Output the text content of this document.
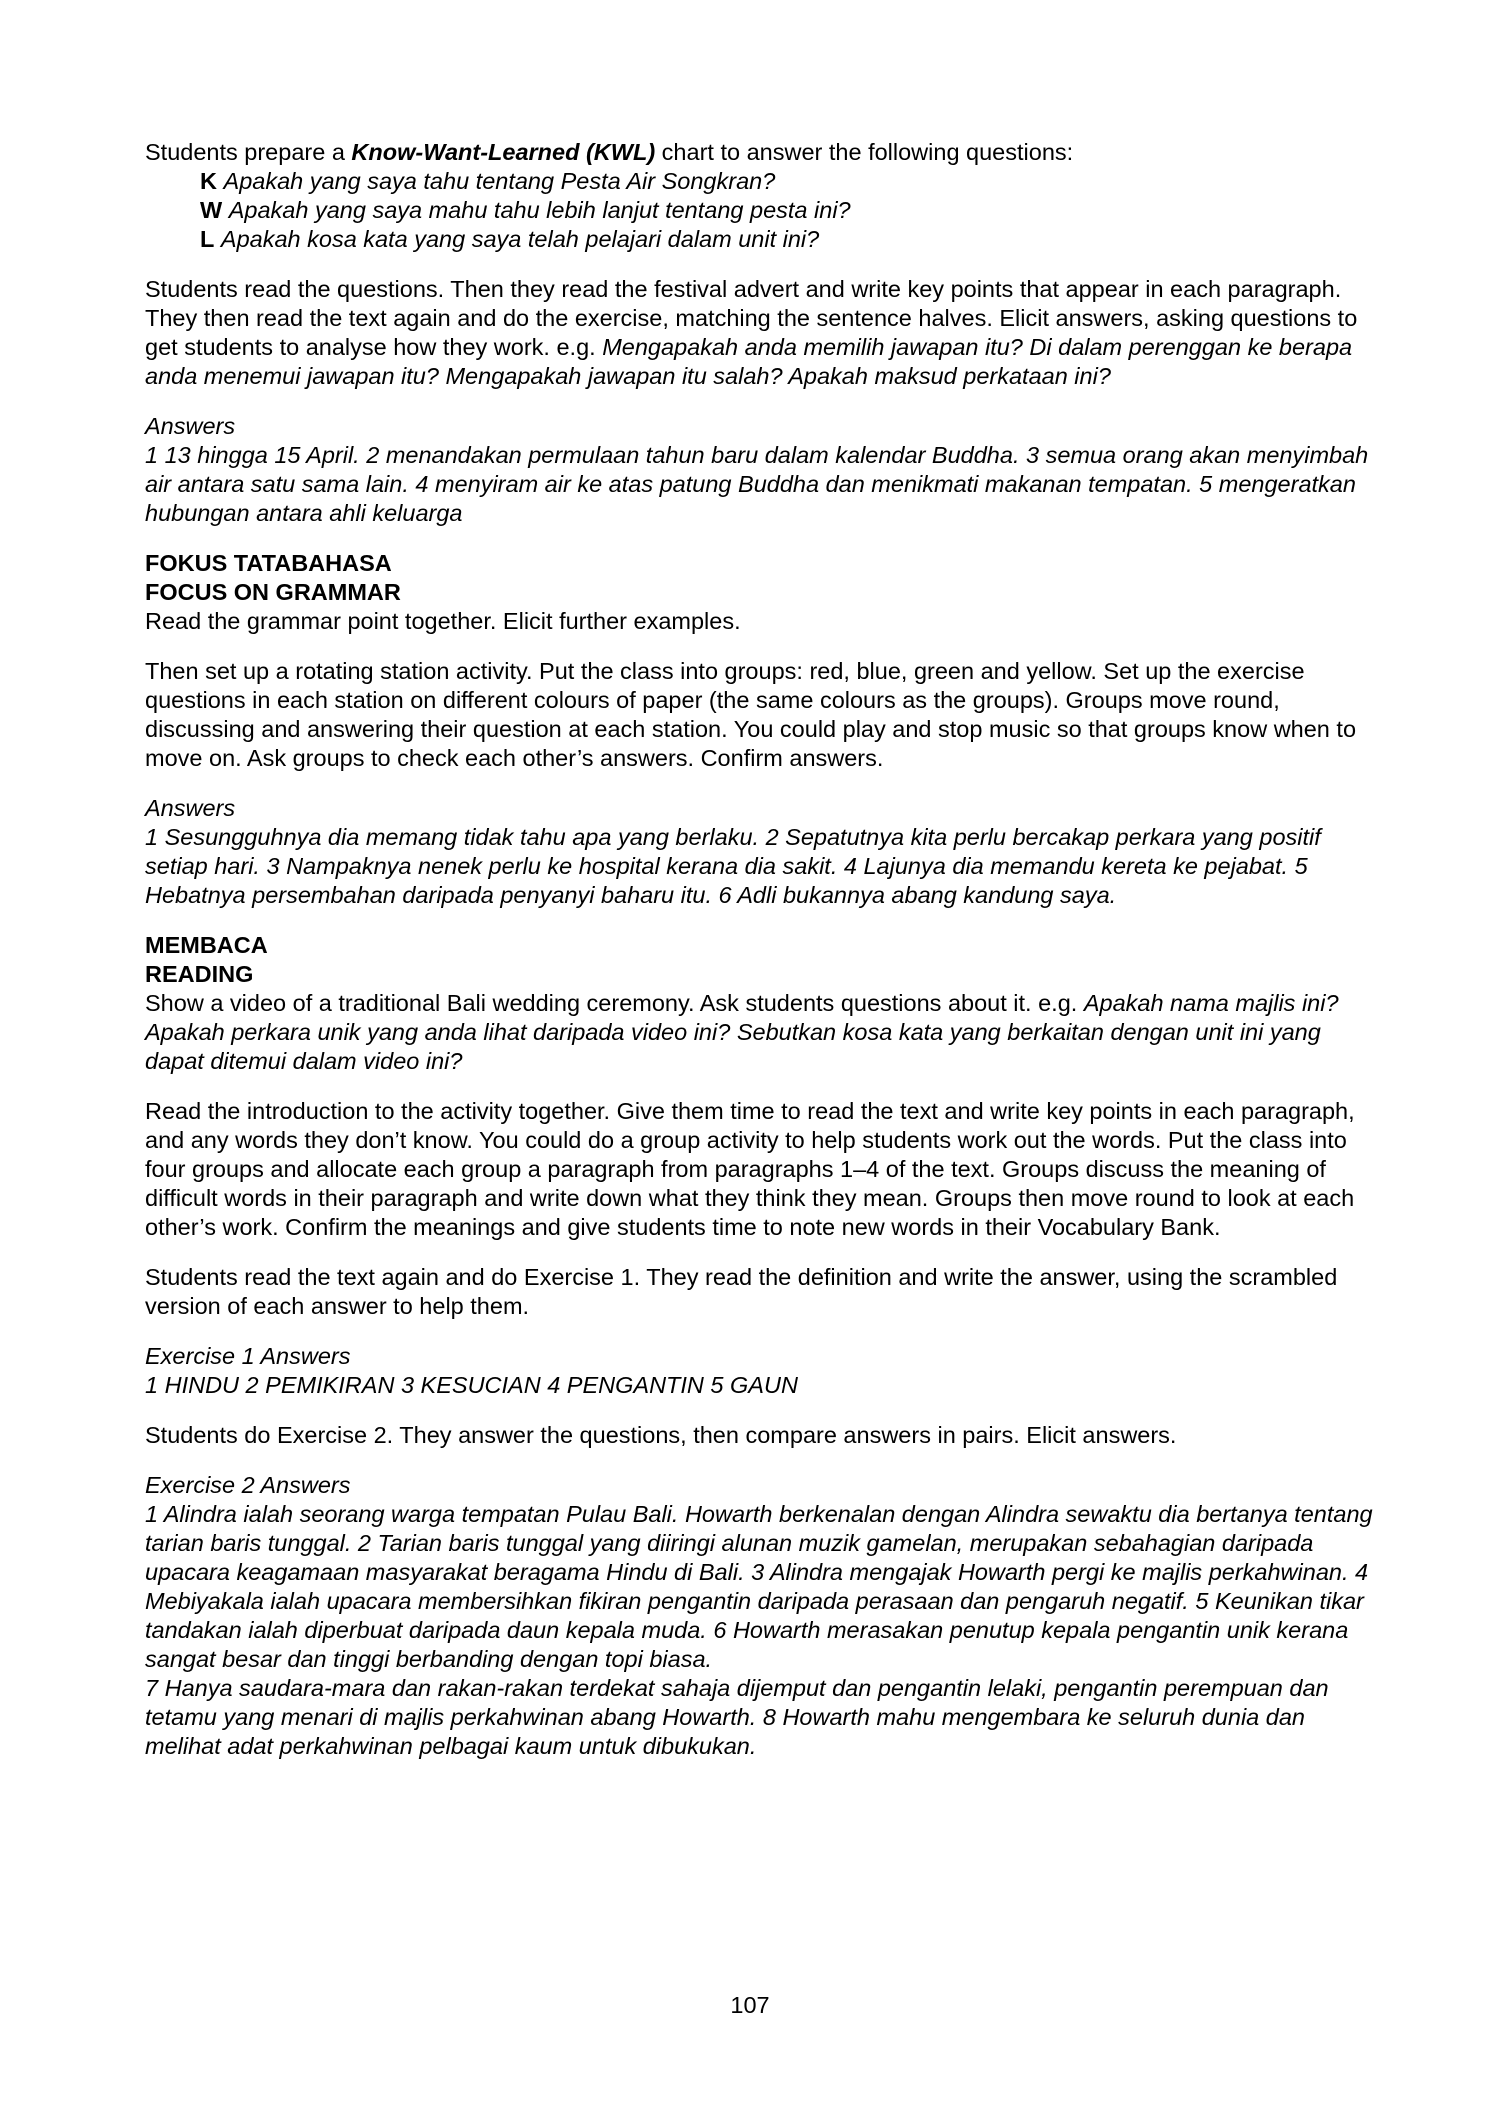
Students prepare a Know-Want-Learned (KWL) chart to answer the following questions:

K Apakah yang saya tahu tentang Pesta Air Songkran?

W Apakah yang saya mahu tahu lebih lanjut tentang pesta ini?

L Apakah kosa kata yang saya telah pelajari dalam unit ini?

Students read the questions. Then they read the festival advert and write key points that appear in each paragraph. They then read the text again and do the exercise, matching the sentence halves. Elicit answers, asking questions to get students to analyse how they work. e.g. Mengapakah anda memilih jawapan itu? Di dalam perenggan ke berapa anda menemui jawapan itu? Mengapakah jawapan itu salah? Apakah maksud perkataan ini?

Answers

1 13 hingga 15 April. 2 menandakan permulaan tahun baru dalam kalendar Buddha. 3 semua orang akan menyimbah air antara satu sama lain. 4 menyiram air ke atas patung Buddha dan menikmati makanan tempatan. 5 mengeratkan hubungan antara ahli keluarga

FOKUS TATABAHASA

FOCUS ON GRAMMAR

Read the grammar point together. Elicit further examples.

Then set up a rotating station activity. Put the class into groups: red, blue, green and yellow. Set up the exercise questions in each station on different colours of paper (the same colours as the groups). Groups move round, discussing and answering their question at each station. You could play and stop music so that groups know when to move on. Ask groups to check each other’s answers. Confirm answers.

Answers

1 Sesungguhnya dia memang tidak tahu apa yang berlaku. 2 Sepatutnya kita perlu bercakap perkara yang positif setiap hari. 3 Nampaknya nenek perlu ke hospital kerana dia sakit. 4 Lajunya dia memandu kereta ke pejabat. 5 Hebatnya persembahan daripada penyanyi baharu itu. 6 Adli bukannya abang kandung saya.

MEMBACA

READING

Show a video of a traditional Bali wedding ceremony. Ask students questions about it. e.g. Apakah nama majlis ini? Apakah perkara unik yang anda lihat daripada video ini? Sebutkan kosa kata yang berkaitan dengan unit ini yang dapat ditemui dalam video ini?

Read the introduction to the activity together. Give them time to read the text and write key points in each paragraph, and any words they don’t know. You could do a group activity to help students work out the words. Put the class into four groups and allocate each group a paragraph from paragraphs 1–4 of the text. Groups discuss the meaning of difficult words in their paragraph and write down what they think they mean. Groups then move round to look at each other’s work. Confirm the meanings and give students time to note new words in their Vocabulary Bank.

Students read the text again and do Exercise 1. They read the definition and write the answer, using the scrambled version of each answer to help them.

Exercise 1 Answers

1 HINDU 2 PEMIKIRAN 3 KESUCIAN 4 PENGANTIN 5 GAUN

Students do Exercise 2. They answer the questions, then compare answers in pairs. Elicit answers.

Exercise 2 Answers

1 Alindra ialah seorang warga tempatan Pulau Bali. Howarth berkenalan dengan Alindra sewaktu dia bertanya tentang tarian baris tunggal. 2 Tarian baris tunggal yang diiringi alunan muzik gamelan, merupakan sebahagian daripada upacara keagamaan masyarakat beragama Hindu di Bali. 3 Alindra mengajak Howarth pergi ke majlis perkahwinan. 4 Mebiyakala ialah upacara membersihkan fikiran pengantin daripada perasaan dan pengaruh negatif. 5 Keunikan tikar tandakan ialah diperbuat daripada daun kepala muda. 6 Howarth merasakan penutup kepala pengantin unik kerana sangat besar dan tinggi berbanding dengan topi biasa.

7 Hanya saudara-mara dan rakan-rakan terdekat sahaja dijemput dan pengantin lelaki, pengantin perempuan dan tetamu yang menari di majlis perkahwinan abang Howarth. 8 Howarth mahu mengembara ke seluruh dunia dan melihat adat perkahwinan pelbagai kaum untuk dibukukan.

107
